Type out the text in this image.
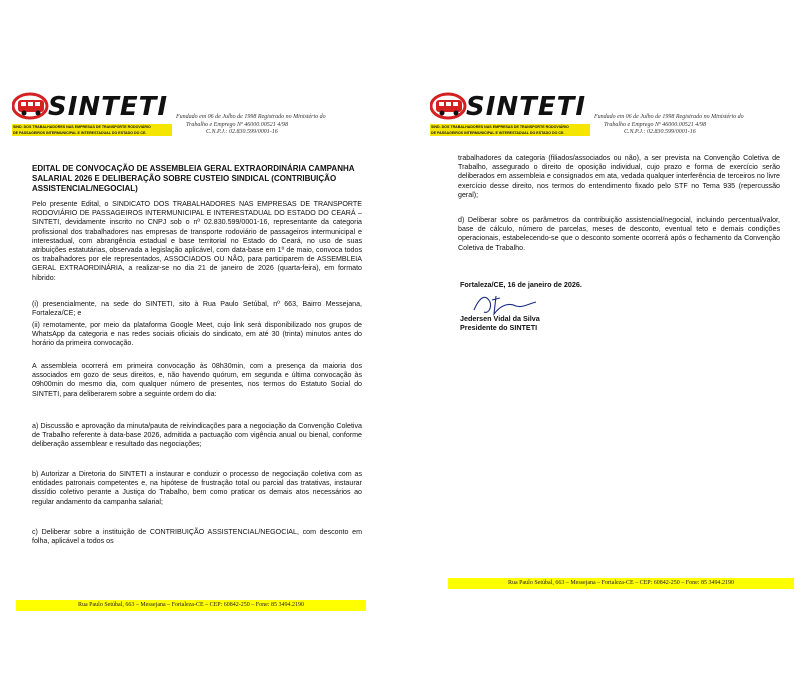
SINTETI
SIND. DOS TRABALHADORES NAS EMPRESAS DE TRANSPORTE RODOVIÁRIO
DE PASSAGEIROS INTERMUNICIPAL E INTERESTADUAL DO ESTADO DO CE.
Fundado em 06 de Julho de 1998 Registrado no Ministério do
Trabalho e Emprego Nº 46000.00521 4/98
C.N.P.J.: 02.830.599/0001-16
EDITAL DE CONVOCAÇÃO DE ASSEMBLEIA GERAL EXTRAORDINÁRIA CAMPANHA SALARIAL 2026 E DELIBERAÇÃO SOBRE CUSTEIO SINDICAL (CONTRIBUIÇÃO ASSISTENCIAL/NEGOCIAL)
Pelo presente Edital, o SINDICATO DOS TRABALHADORES NAS EMPRESAS DE TRANSPORTE RODOVIÁRIO DE PASSAGEIROS INTERMUNICIPAL E INTERESTADUAL DO ESTADO DO CEARÁ – SINTETI, devidamente inscrito no CNPJ sob o nº 02.830.599/0001-16, representante da categoria profissional dos trabalhadores nas empresas de transporte rodoviário de passageiros intermunicipal e interestadual, com abrangência estadual e base territorial no Estado do Ceará, no uso de suas atribuições estatutárias, observada a legislação aplicável, com data-base em 1º de maio, convoca todos os trabalhadores por ele representados, ASSOCIADOS OU NÃO, para participarem de ASSEMBLEIA GERAL EXTRAORDINÁRIA, a realizar-se no dia 21 de janeiro de 2026 (quarta-feira), em formato híbrido:
(i) presencialmente, na sede do SINTETI, sito à Rua Paulo Setúbal, nº 663, Bairro Messejana, Fortaleza/CE; e
(ii) remotamente, por meio da plataforma Google Meet, cujo link será disponibilizado nos grupos de WhatsApp da categoria e nas redes sociais oficiais do sindicato, em até 30 (trinta) minutos antes do horário da primeira convocação.
A assembleia ocorrerá em primeira convocação às 08h30min, com a presença da maioria dos associados em gozo de seus direitos, e, não havendo quórum, em segunda e última convocação às 09h00min do mesmo dia, com qualquer número de presentes, nos termos do Estatuto Social do SINTETI, para deliberarem sobre a seguinte ordem do dia:
a) Discussão e aprovação da minuta/pauta de reivindicações para a negociação da Convenção Coletiva de Trabalho referente à data-base 2026, admitida a pactuação com vigência anual ou bienal, conforme deliberação assemblear e resultado das negociações;
b) Autorizar a Diretoria do SINTETI a instaurar e conduzir o processo de negociação coletiva com as entidades patronais competentes e, na hipótese de frustração total ou parcial das tratativas, instaurar dissídio coletivo perante a Justiça do Trabalho, bem como praticar os demais atos necessários ao regular andamento da campanha salarial;
c) Deliberar sobre a instituição de CONTRIBUIÇÃO ASSISTENCIAL/NEGOCIAL, com desconto em folha, aplicável a todos os
Rua Paulo Setúbal, 663 – Messejana – Fortaleza-CE – CEP: 60842-250 – Fone: 85 3494.2190
SINTETI
SIND. DOS TRABALHADORES NAS EMPRESAS DE TRANSPORTE RODOVIÁRIO
DE PASSAGEIROS INTERMUNICIPAL E INTERESTADUAL DO ESTADO DO CE.
Fundado em 06 de Julho de 1998 Registrado no Ministério do
Trabalho e Emprego Nº 46000.00521 4/98
C.N.P.J.: 02.830.599/0001-16
trabalhadores da categoria (filiados/associados ou não), a ser prevista na Convenção Coletiva de Trabalho, assegurado o direito de oposição individual, cujo prazo e forma de exercício serão deliberados em assembleia e consignados em ata, vedada qualquer interferência de terceiros no livre exercício desse direito, nos termos do entendimento fixado pelo STF no Tema 935 (repercussão geral);
d) Deliberar sobre os parâmetros da contribuição assistencial/negocial, incluindo percentual/valor, base de cálculo, número de parcelas, meses de desconto, eventual teto e demais condições operacionais, estabelecendo-se que o desconto somente ocorrerá após o fechamento da Convenção Coletiva de Trabalho.
Fortaleza/CE, 16 de janeiro de 2026.
Jedersen Vidal da Silva
Presidente do SINTETI
Rua Paulo Setúbal, 663 – Messejana – Fortaleza-CE – CEP: 60842-250 – Fone: 85 3494.2190
